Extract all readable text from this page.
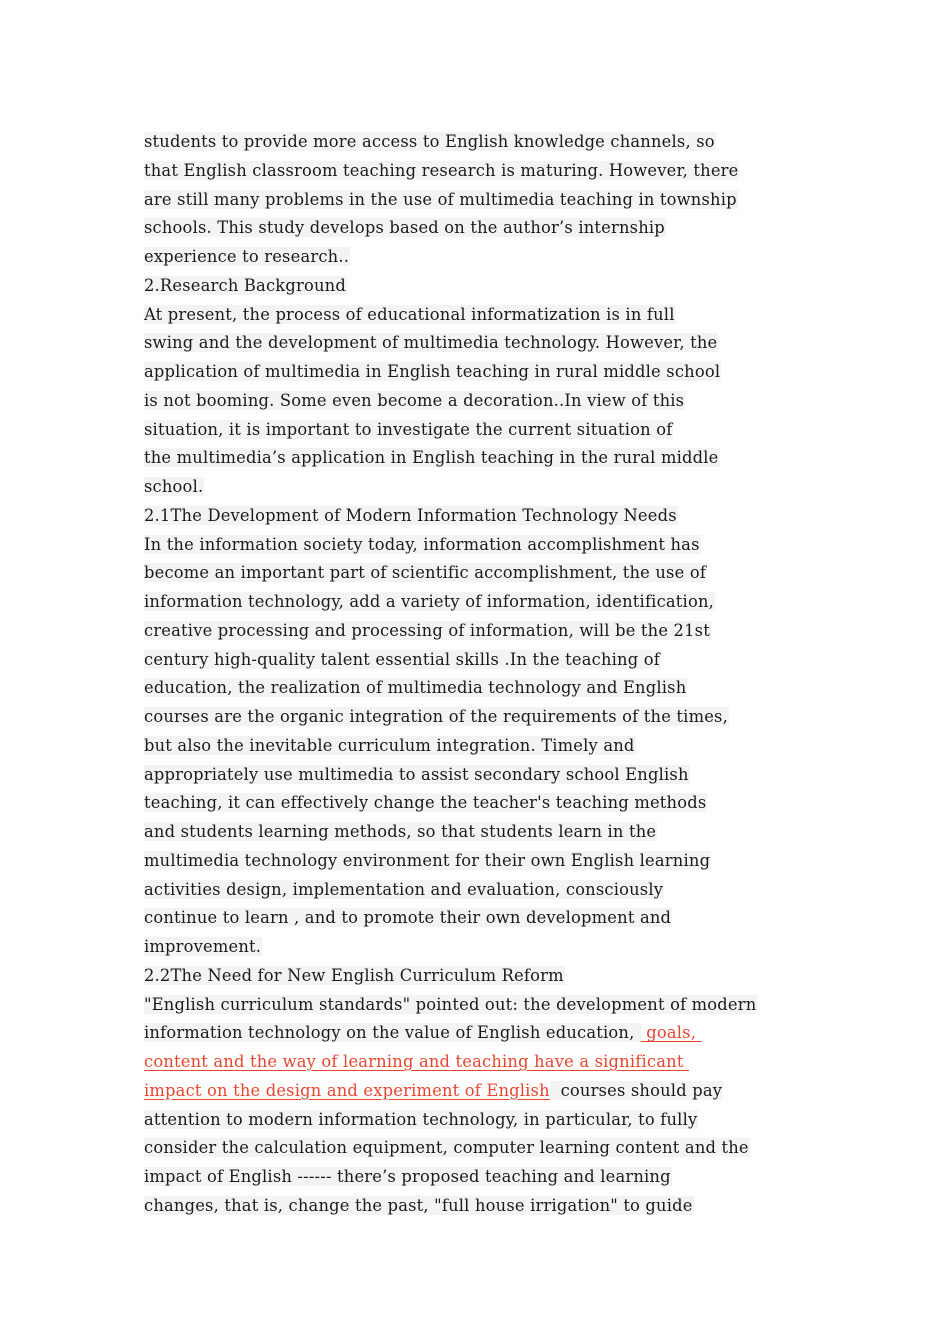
students to provide more access to English knowledge channels, so
that English classroom teaching research is maturing. However, there
are still many problems in the use of multimedia teaching in township
schools. This study develops based on the author’s internship
experience to research..
2.Research Background
At present, the process of educational informatization is in full
swing and the development of multimedia technology. However, the
application of multimedia in English teaching in rural middle school
is not booming. Some even become a decoration..In view of this
situation, it is important to investigate the current situation of
the multimedia’s application in English teaching in the rural middle
school.
2.1The Development of Modern Information Technology Needs
In the information society today, information accomplishment has
become an important part of scientific accomplishment, the use of
information technology, add a variety of information, identification,
creative processing and processing of information, will be the 21st
century high-quality talent essential skills .In the teaching of
education, the realization of multimedia technology and English
courses are the organic integration of the requirements of the times,
but also the inevitable curriculum integration. Timely and
appropriately use multimedia to assist secondary school English
teaching, it can effectively change the teacher's teaching methods
and students learning methods, so that students learn in the
multimedia technology environment for their own English learning
activities design, implementation and evaluation, consciously
continue to learn , and to promote their own development and
improvement.
2.2The Need for New English Curriculum Reform
"English curriculum standards" pointed out: the development of modern
information technology on the value of English education,  goals,
content and the way of learning and teaching have a significant
impact on the design and experiment of English  courses should pay
attention to modern information technology, in particular, to fully
consider the calculation equipment, computer learning content and the
impact of English ------ there’s proposed teaching and learning
changes, that is, change the past, "full house irrigation" to guide
